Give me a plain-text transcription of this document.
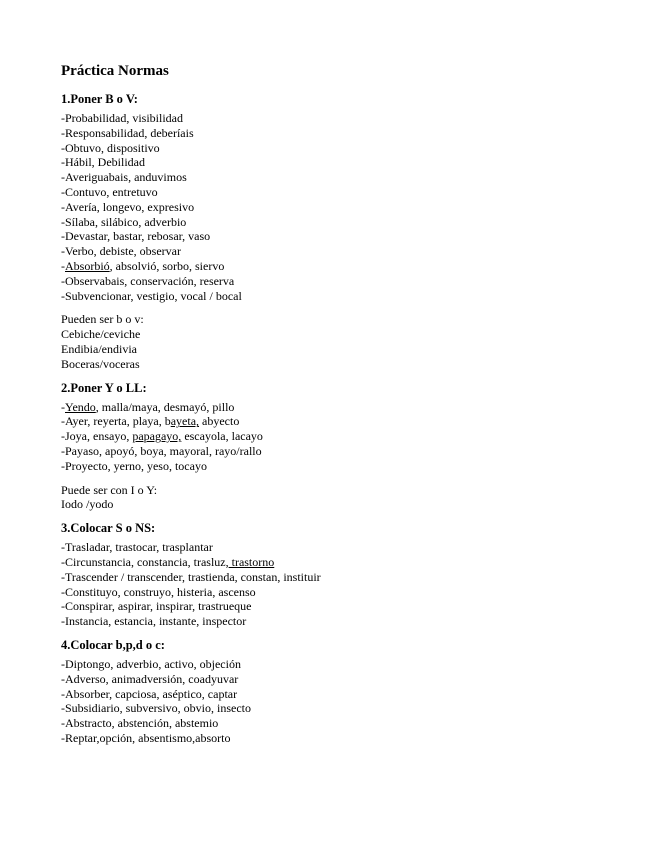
Práctica Normas
1.Poner B o V:
-Probabilidad, visibilidad
-Responsabilidad, deberíais
-Obtuvo, dispositivo
-Hábil, Debilidad
-Averiguabais, anduvimos
-Contuvo, entretuvo
-Avería, longevo, expresivo
-Sílaba, silábico, adverbio
-Devastar, bastar, rebosar, vaso
-Verbo, debiste, observar
-Absorbió, absolvió, sorbo, siervo
-Observabais, conservación, reserva
-Subvencionar, vestigio, vocal / bocal
Pueden ser b o v:
Cebiche/ceviche
Endibia/endivia
Boceras/voceras
2.Poner Y o LL:
-Yendo, malla/maya, desmayó, pillo
-Ayer, reyerta, playa, bayeta, abyecto
-Joya, ensayo, papagayo, escayola, lacayo
-Payaso, apoyó, boya, mayoral, rayo/rallo
-Proyecto, yerno, yeso, tocayo
Puede ser con I o Y:
Iodo /yodo
3.Colocar S o NS:
-Trasladar, trastocar, trasplantar
-Circunstancia, constancia, trasluz, trastorno
-Trascender / transcender, trastienda, constan, instituir
-Constituyo, construyo, histeria, ascenso
-Conspirar, aspirar, inspirar, trastrueque
-Instancia, estancia, instante, inspector
4.Colocar b,p,d o c:
-Diptongo, adverbio, activo, objeción
-Adverso, animadversión, coadyuvar
-Absorber, capciosa, aséptico, captar
-Subsidiario, subversivo, obvio, insecto
-Abstracto, abstención, abstemio
-Reptar,opción, absentismo,absorto
